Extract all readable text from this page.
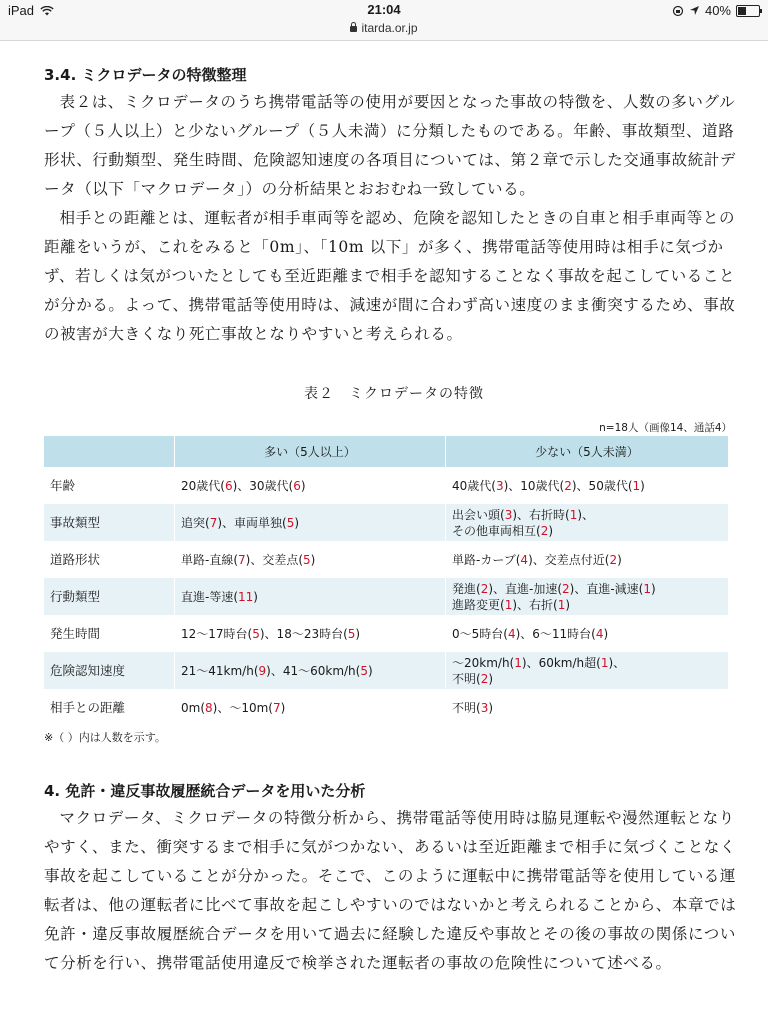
iPad	21:04
itarda.or.jp
40%
3.4. ミクロデータの特徴整理

表２は、ミクロデータのうち携帯電話等の使用が要因となった事故の特徴を、人数の多いグループ（５人以上）と少ないグループ（５人未満）に分類したものである。年齢、事故類型、道路形状、行動類型、発生時間、危険認知速度の各項目については、第２章で示した交通事故統計データ（以下「マクロデータ」）の分析結果とおおむね一致している。

相手との距離とは、運転者が相手車両等を認め、危険を認知したときの自車と相手車両等との距離をいうが、これをみると「0m」、「10m 以下」が多く、携帯電話等使用時は相手に気づかず、若しくは気がついたとしても至近距離まで相手を認知することなく事故を起こしていることが分かる。よって、携帯電話等使用時は、減速が間に合わず高い速度のまま衝突するため、事故の被害が大きくなり死亡事故となりやすいと考えられる。

表２　ミクロデータの特徴
n=18人（画像14、通話4）
	多い（5人以上）	少ない（5人未満）
年齢	20歳代(6)、30歳代(6)	40歳代(3)、10歳代(2)、50歳代(1)
事故類型	追突(7)、車両単独(5)	出会い頭(3)、右折時(1)、
その他車両相互(2)
道路形状	単路-直線(7)、交差点(5)	単路-カーブ(4)、交差点付近(2)
行動類型	直進-等速(11)	発進(2)、直進-加速(2)、直進-減速(1)
進路変更(1)、右折(1)
発生時間	12～17時台(5)、18～23時台(5)	0～5時台(4)、6～11時台(4)
危険認知速度	21～41km/h(9)、41～60km/h(5)	～20km/h(1)、60km/h超(1)、
不明(2)
相手との距離	0m(8)、～10m(7)	不明(3)
※（ ）内は人数を示す。
4. 免許・違反事故履歴統合データを用いた分析

マクロデータ、ミクロデータの特徴分析から、携帯電話等使用時は脇見運転や漫然運転となりやすく、また、衝突するまで相手に気がつかない、あるいは至近距離まで相手に気づくことなく事故を起こしていることが分かった。そこで、このように運転中に携帯電話等を使用している運転者は、他の運転者に比べて事故を起こしやすいのではないかと考えられることから、本章では免許・違反事故履歴統合データを用いて過去に経験した違反や事故とその後の事故の関係について分析を行い、携帯電話使用違反で検挙された運転者の事故の危険性について述べる。
